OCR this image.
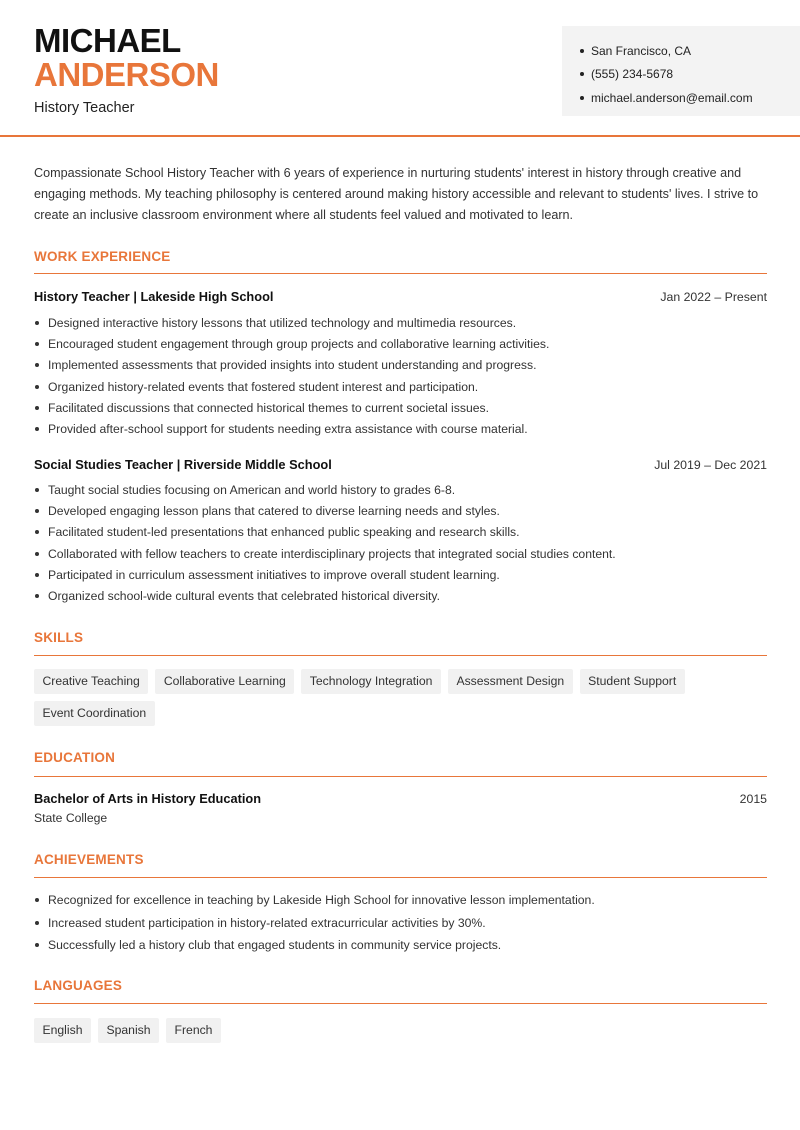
MICHAEL
ANDERSON
History Teacher
San Francisco, CA
(555) 234-5678
michael.anderson@email.com

Compassionate School History Teacher with 6 years of experience in nurturing students' interest in history through creative and engaging methods. My teaching philosophy is centered around making history accessible and relevant to students' lives. I strive to create an inclusive classroom environment where all students feel valued and motivated to learn.

WORK EXPERIENCE
History Teacher | Lakeside High School	Jan 2022 – Present
Designed interactive history lessons that utilized technology and multimedia resources.
Encouraged student engagement through group projects and collaborative learning activities.
Implemented assessments that provided insights into student understanding and progress.
Organized history-related events that fostered student interest and participation.
Facilitated discussions that connected historical themes to current societal issues.
Provided after-school support for students needing extra assistance with course material.
Social Studies Teacher | Riverside Middle School	Jul 2019 – Dec 2021
Taught social studies focusing on American and world history to grades 6-8.
Developed engaging lesson plans that catered to diverse learning needs and styles.
Facilitated student-led presentations that enhanced public speaking and research skills.
Collaborated with fellow teachers to create interdisciplinary projects that integrated social studies content.
Participated in curriculum assessment initiatives to improve overall student learning.
Organized school-wide cultural events that celebrated historical diversity.
SKILLS
Creative Teaching	Collaborative Learning	Technology Integration	Assessment Design	Student Support
Event Coordination
EDUCATION
Bachelor of Arts in History Education	2015
State College
ACHIEVEMENTS
Recognized for excellence in teaching by Lakeside High School for innovative lesson implementation.
Increased student participation in history-related extracurricular activities by 30%.
Successfully led a history club that engaged students in community service projects.
LANGUAGES
English	Spanish	French
